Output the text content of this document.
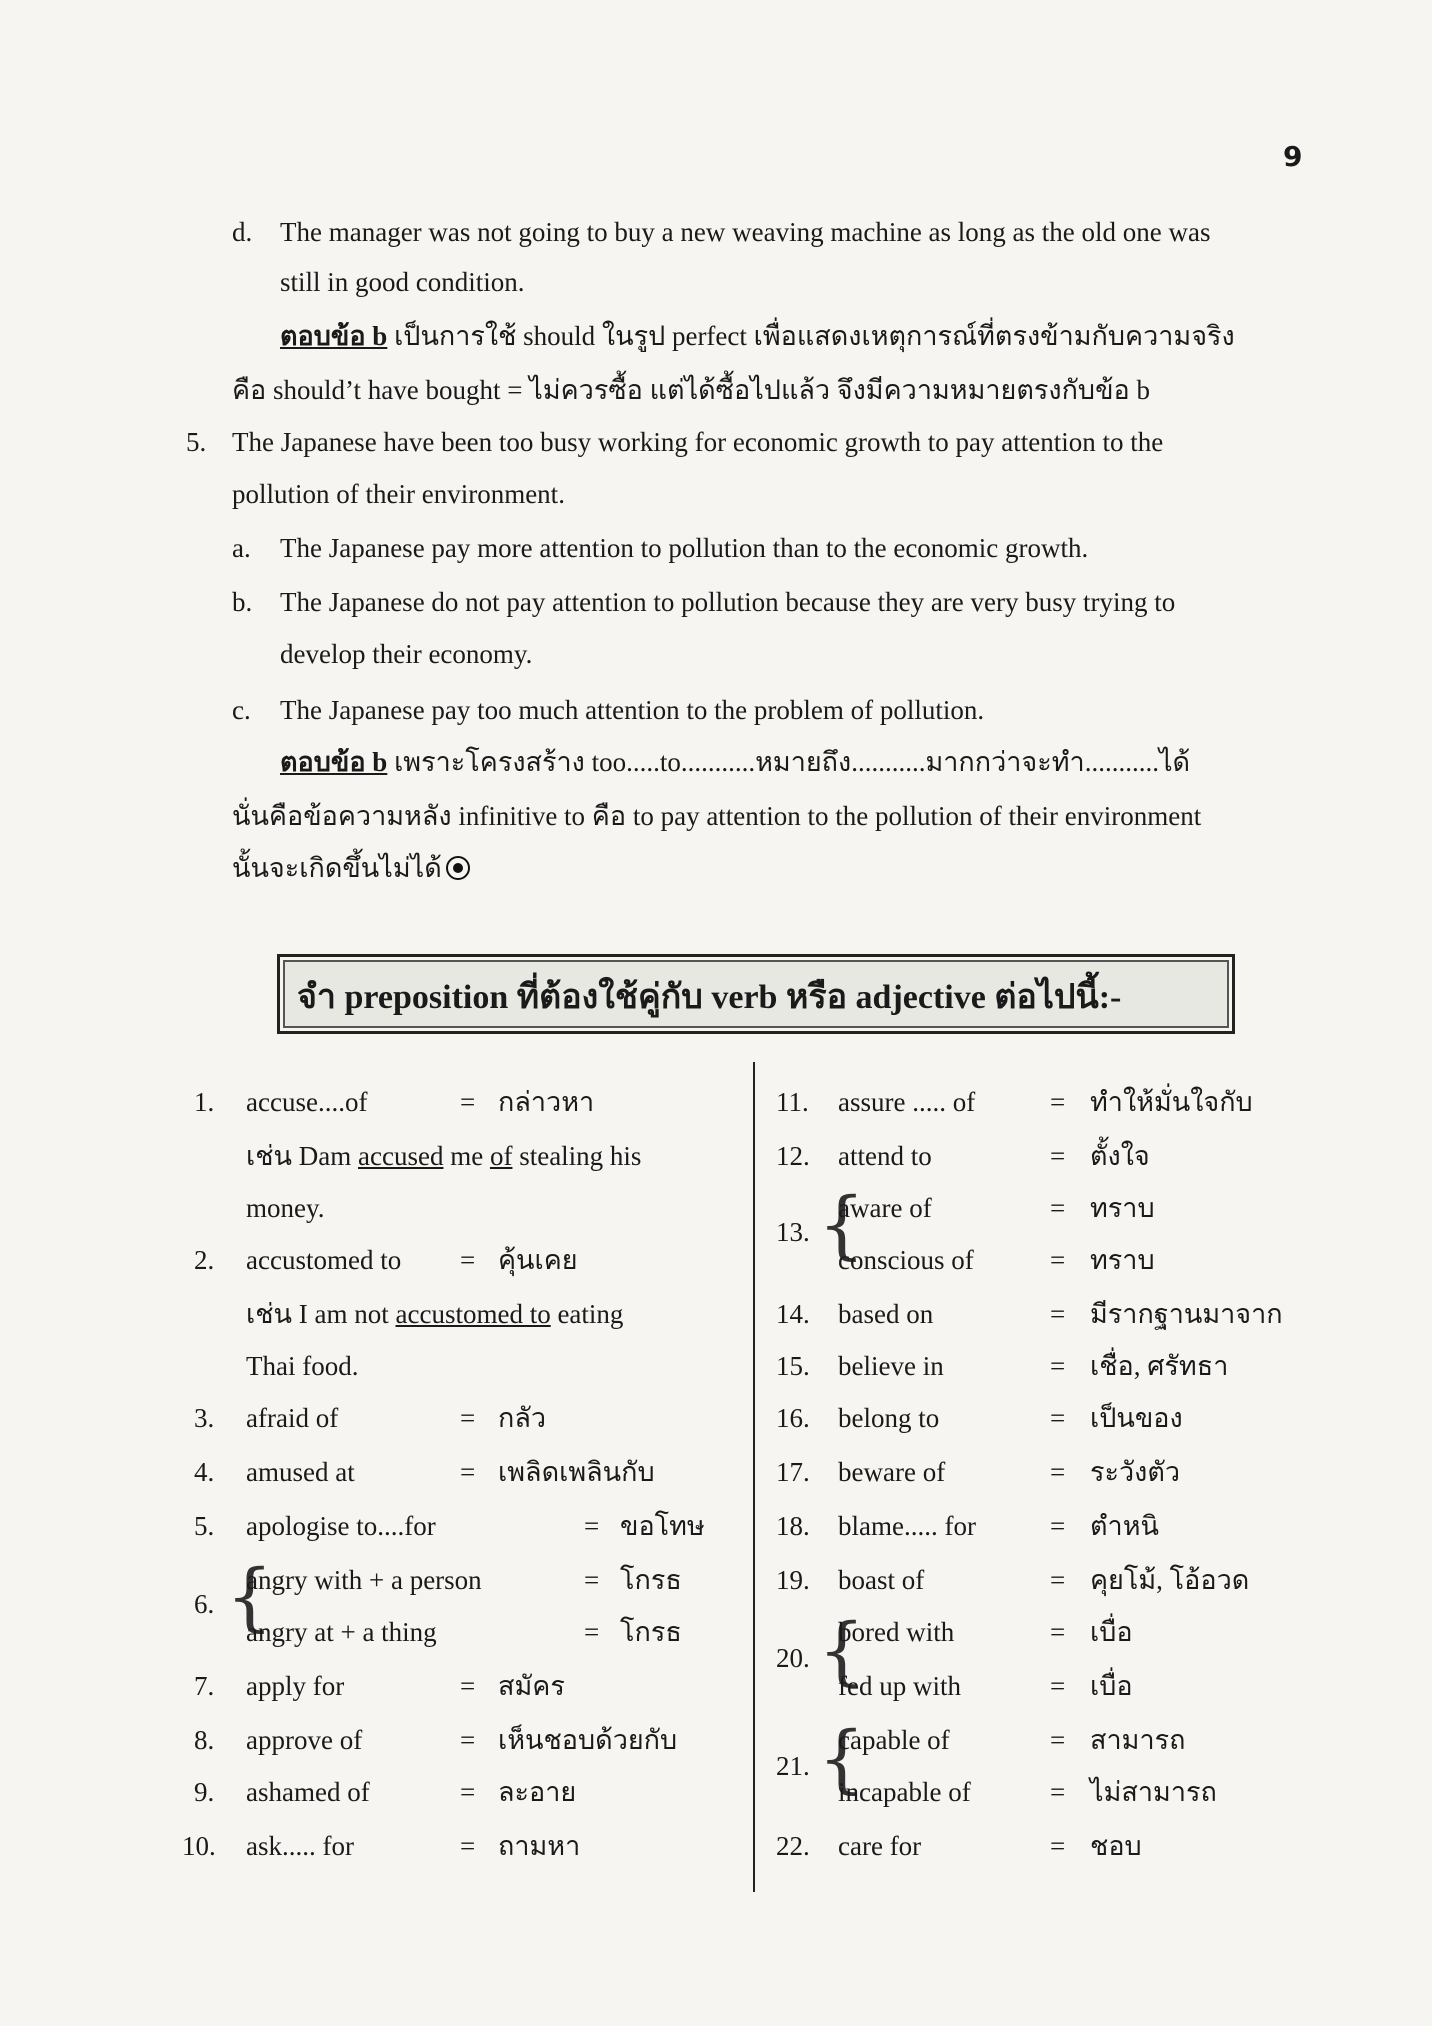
9
d. The manager was not going to buy a new weaving machine as long as the old one was
still in good condition.
ตอบข้อ b เป็นการใช้ should ในรูป perfect เพื่อแสดงเหตุการณ์ที่ตรงข้ามกับความจริง
คือ should’t have bought = ไม่ควรซื้อ แต่ได้ซื้อไปแล้ว จึงมีความหมายตรงกับข้อ b
5. The Japanese have been too busy working for economic growth to pay attention to the
pollution of their environment.
a. The Japanese pay more attention to pollution than to the economic growth.
b. The Japanese do not pay attention to pollution because they are very busy trying to
develop their economy.
c. The Japanese pay too much attention to the problem of pollution.
ตอบข้อ b เพราะโครงสร้าง too.....to...........หมายถึง...........มากกว่าจะทำ...........ได้
นั่นคือข้อความหลัง infinitive to คือ to pay attention to the pollution of their environment
นั้นจะเกิดขึ้นไม่ได้
จำ preposition ที่ต้องใช้คู่กับ verb หรือ adjective ต่อไปนี้:-
1. accuse....of	= กล่าวหา
เช่น Dam accused me of stealing his
money.
2. accustomed to = คุ้นเคย
เช่น I am not accustomed to eating
Thai food.
3. afraid of	= กลัว
4. amused at	= เพลิดเพลินกับ
5. apologise to....for	= ขอโทษ
6. {
angry with + a person	= โกรธ
angry at + a thing	= โกรธ
7. apply for	= สมัคร
8. approve of	= เห็นชอบด้วยกับ
9. ashamed of	= ละอาย
10. ask..... for	= ถามหา
11. assure ..... of	= ทำให้มั่นใจกับ
12. attend to	= ตั้งใจ
13. {
aware of	= ทราบ
conscious of	= ทราบ
14. based on	= มีรากฐานมาจาก
15. believe in	= เชื่อ, ศรัทธา
16. belong to	= เป็นของ
17. beware of	= ระวังตัว
18. blame..... for	= ตำหนิ
19. boast of	= คุยโม้, โอ้อวด
20. {
bored with	= เบื่อ
fed up with	= เบื่อ
21. {
capable of	= สามารถ
incapable of	= ไม่สามารถ
22. care for	= ชอบ
